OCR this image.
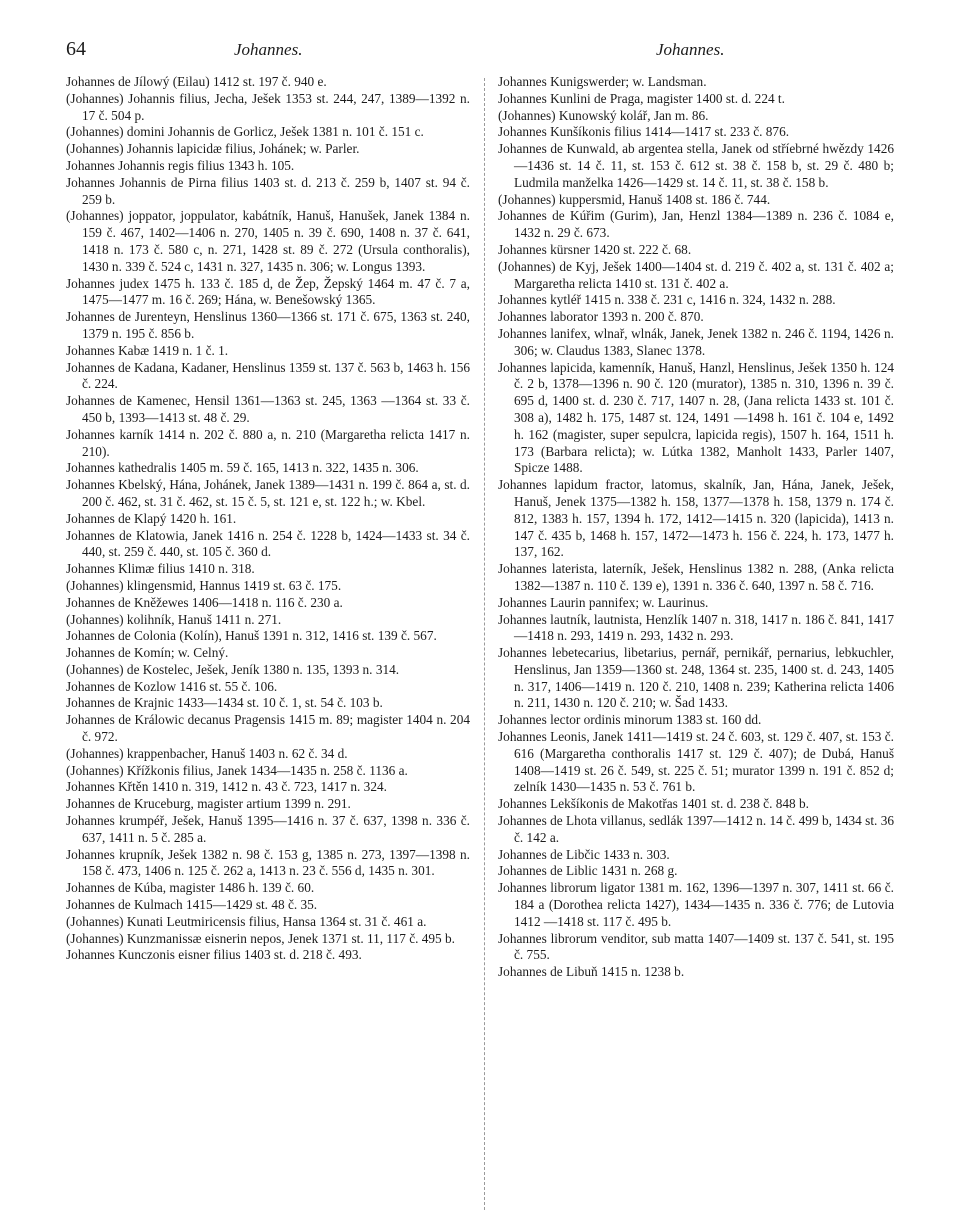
64	Johannes.	Johannes.

Johannes de Jílowý (Eilau) 1412 st. 197 č. 940 e.

(Johannes) Johannis filius, Jecha, Ješek 1353 st. 244, 247, 1389—1392 n. 17 č. 504 p.

(Johannes) domini Johannis de Gorlicz, Ješek 1381 n. 101 č. 151 c.

(Johannes) Johannis lapicidæ filius, Johánek; w. Parler.

Johannes Johannis regis filius 1343 h. 105.

Johannes Johannis de Pirna filius 1403 st. d. 213 č. 259 b, 1407 st. 94 č. 259 b.

(Johannes) joppator, joppulator, kabátník, Hanuš, Hanušek, Janek 1384 n. 159 č. 467, 1402—1406 n. 270, 1405 n. 39 č. 690, 1408 n. 37 č. 641, 1418 n. 173 č. 580 c, n. 271, 1428 st. 89 č. 272 (Ursula conthoralis), 1430 n. 339 č. 524 c, 1431 n. 327, 1435 n. 306; w. Longus 1393.

Johannes judex 1475 h. 133 č. 185 d, de Žep, Žepský 1464 m. 47 č. 7 a, 1475—1477 m. 16 č. 269; Hána, w. Benešowský 1365.

Johannes de Jurenteyn, Henslinus 1360—1366 st. 171 č. 675, 1363 st. 240, 1379 n. 195 č. 856 b.

Johannes Kabæ 1419 n. 1 č. 1.

Johannes de Kadana, Kadaner, Henslinus 1359 st. 137 č. 563 b, 1463 h. 156 č. 224.

Johannes de Kamenec, Hensil 1361—1363 st. 245, 1363 —1364 st. 33 č. 450 b, 1393—1413 st. 48 č. 29.

Johannes karník 1414 n. 202 č. 880 a, n. 210 (Margaretha relicta 1417 n. 210).

Johannes kathedralis 1405 m. 59 č. 165, 1413 n. 322, 1435 n. 306.

Johannes Kbelský, Hána, Johánek, Janek 1389—1431 n. 199 č. 864 a, st. d. 200 č. 462, st. 31 č. 462, st. 15 č. 5, st. 121 e, st. 122 h.; w. Kbel.

Johannes de Klapý 1420 h. 161.

Johannes de Klatowia, Janek 1416 n. 254 č. 1228 b, 1424—1433 st. 34 č. 440, st. 259 č. 440, st. 105 č. 360 d.

Johannes Klimæ filius 1410 n. 318.

(Johannes) klingensmid, Hannus 1419 st. 63 č. 175.

Johannes de Kněžewes 1406—1418 n. 116 č. 230 a.

(Johannes) kolihník, Hanuš 1411 n. 271.

Johannes de Colonia (Kolín), Hanuš 1391 n. 312, 1416 st. 139 č. 567.

Johannes de Komín; w. Celný.

(Johannes) de Kostelec, Ješek, Jeník 1380 n. 135, 1393 n. 314.

Johannes de Kozlow 1416 st. 55 č. 106.

Johannes de Krajnic 1433—1434 st. 10 č. 1, st. 54 č. 103 b.

Johannes de Králowic decanus Pragensis 1415 m. 89; magister 1404 n. 204 č. 972.

(Johannes) krappenbacher, Hanuš 1403 n. 62 č. 34 d.

(Johannes) Křížkonis filius, Janek 1434—1435 n. 258 č. 1136 a.

Johannes Křtěn 1410 n. 319, 1412 n. 43 č. 723, 1417 n. 324.

Johannes de Kruceburg, magister artium 1399 n. 291.

Johannes krumpéř, Ješek, Hanuš 1395—1416 n. 37 č. 637, 1398 n. 336 č. 637, 1411 n. 5 č. 285 a.

Johannes krupník, Ješek 1382 n. 98 č. 153 g, 1385 n. 273, 1397—1398 n. 158 č. 473, 1406 n. 125 č. 262 a, 1413 n. 23 č. 556 d, 1435 n. 301.

Johannes de Kúba, magister 1486 h. 139 č. 60.

Johannes de Kulmach 1415—1429 st. 48 č. 35.

(Johannes) Kunati Leutmiricensis filius, Hansa 1364 st. 31 č. 461 a.

(Johannes) Kunzmanissæ eisnerin nepos, Jenek 1371 st. 11, 117 č. 495 b.

Johannes Kunczonis eisner filius 1403 st. d. 218 č. 493.

Johannes Kunigswerder; w. Landsman.

Johannes Kunlini de Praga, magister 1400 st. d. 224 t.

(Johannes) Kunowský kolář, Jan m. 86.

Johannes Kunšíkonis filius 1414—1417 st. 233 č. 876.

Johannes de Kunwald, ab argentea stella, Janek od stříebrné hwězdy 1426—1436 st. 14 č. 11, st. 153 č. 612 st. 38 č. 158 b, st. 29 č. 480 b; Ludmila manželka 1426—1429 st. 14 č. 11, st. 38 č. 158 b.

(Johannes) kuppersmid, Hanuš 1408 st. 186 č. 744.

Johannes de Kúřim (Gurim), Jan, Henzl 1384—1389 n. 236 č. 1084 e, 1432 n. 29 č. 673.

Johannes kürsner 1420 st. 222 č. 68.

(Johannes) de Kyj, Ješek 1400—1404 st. d. 219 č. 402 a, st. 131 č. 402 a; Margaretha relicta 1410 st. 131 č. 402 a.

Johannes kytléř 1415 n. 338 č. 231 c, 1416 n. 324, 1432 n. 288.

Johannes laborator 1393 n. 200 č. 870.

Johannes lanifex, wlnař, wlnák, Janek, Jenek 1382 n. 246 č. 1194, 1426 n. 306; w. Claudus 1383, Slanec 1378.

Johannes lapicida, kamenník, Hanuš, Hanzl, Henslinus, Ješek 1350 h. 124 č. 2 b, 1378—1396 n. 90 č. 120 (murator), 1385 n. 310, 1396 n. 39 č. 695 d, 1400 st. d. 230 č. 717, 1407 n. 28, (Jana relicta 1433 st. 101 č. 308 a), 1482 h. 175, 1487 st. 124, 1491 —1498 h. 161 č. 104 e, 1492 h. 162 (magister, super sepulcra, lapicida regis), 1507 h. 164, 1511 h. 173 (Barbara relicta); w. Lútka 1382, Manholt 1433, Parler 1407, Spicze 1488.

Johannes lapidum fractor, latomus, skalník, Jan, Hána, Janek, Ješek, Hanuš, Jenek 1375—1382 h. 158, 1377—1378 h. 158, 1379 n. 174 č. 812, 1383 h. 157, 1394 h. 172, 1412—1415 n. 320 (lapicida), 1413 n. 147 č. 435 b, 1468 h. 157, 1472—1473 h. 156 č. 224, h. 173, 1477 h. 137, 162.

Johannes laterista, laterník, Ješek, Henslinus 1382 n. 288, (Anka relicta 1382—1387 n. 110 č. 139 e), 1391 n. 336 č. 640, 1397 n. 58 č. 716.

Johannes Laurin pannifex; w. Laurinus.

Johannes lautník, lautnista, Henzlík 1407 n. 318, 1417 n. 186 č. 841, 1417—1418 n. 293, 1419 n. 293, 1432 n. 293.

Johannes lebetecarius, libetarius, pernář, pernikář, pernarius, lebkuchler, Henslinus, Jan 1359—1360 st. 248, 1364 st. 235, 1400 st. d. 243, 1405 n. 317, 1406—1419 n. 120 č. 210, 1408 n. 239; Katherina relicta 1406 n. 211, 1430 n. 120 č. 210; w. Šad 1433.

Johannes lector ordinis minorum 1383 st. 160 dd.

Johannes Leonis, Janek 1411—1419 st. 24 č. 603, st. 129 č. 407, st. 153 č. 616 (Margaretha conthoralis 1417 st. 129 č. 407); de Dubá, Hanuš 1408—1419 st. 26 č. 549, st. 225 č. 51; murator 1399 n. 191 č. 852 d; zelník 1430—1435 n. 53 č. 761 b.

Johannes Lekšíkonis de Makotřas 1401 st. d. 238 č. 848 b.

Johannes de Lhota villanus, sedlák 1397—1412 n. 14 č. 499 b, 1434 st. 36 č. 142 a.

Johannes de Libčic 1433 n. 303.

Johannes de Liblic 1431 n. 268 g.

Johannes librorum ligator 1381 m. 162, 1396—1397 n. 307, 1411 st. 66 č. 184 a (Dorothea relicta 1427), 1434—1435 n. 336 č. 776; de Lutovia 1412 —1418 st. 117 č. 495 b.

Johannes librorum venditor, sub matta 1407—1409 st. 137 č. 541, st. 195 č. 755.

Johannes de Libuň 1415 n. 1238 b.
